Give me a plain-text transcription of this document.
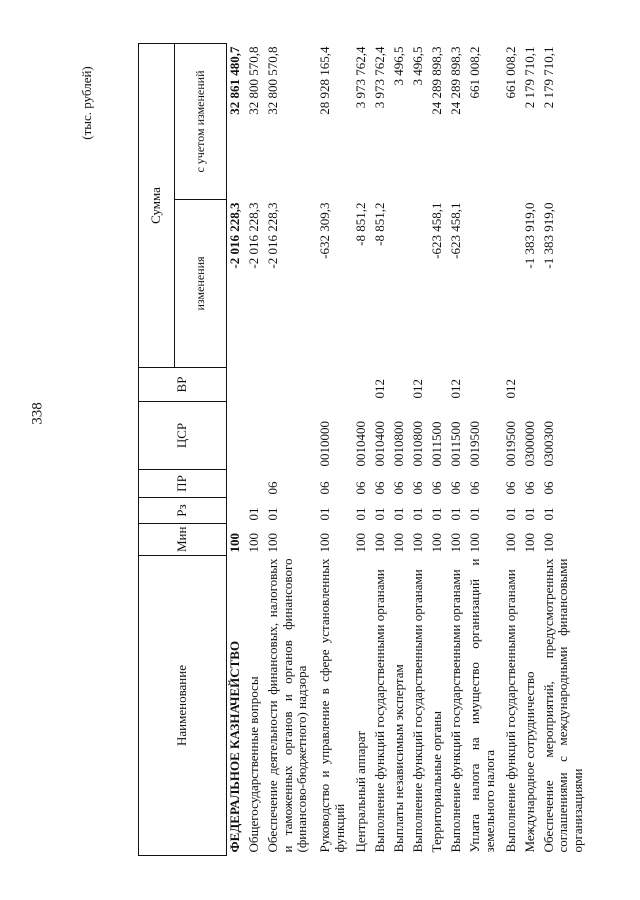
338
(тыс. рублей)
Наименование	Мин	Рз	ПР	ЦСР	ВР	Сумма	
						изменения	с учетом изменений
ФЕДЕРАЛЬНОЕ КАЗНАЧЕЙСТВО	100					-2 016 228,3	32 861 480,7
Общегосударственные вопросы	100	01				-2 016 228,3	32 800 570,8
Обеспечение деятельности финансовых, налоговых и таможенных органов и органов финансового (финансово-бюджетного) надзора	100	01	06			-2 016 228,3	32 800 570,8
Руководство и управление в сфере установленных функций	100	01	06	0010000		-632 309,3	28 928 165,4
Центральный аппарат	100	01	06	0010400		-8 851,2	3 973 762,4
Выполнение функций государственными органами	100	01	06	0010400	012	-8 851,2	3 973 762,4
Выплаты независимым экспертам	100	01	06	0010800			3 496,5
Выполнение функций государственными органами	100	01	06	0010800	012		3 496,5
Территориальные органы	100	01	06	0011500		-623 458,1	24 289 898,3
Выполнение функций государственными органами	100	01	06	0011500	012	-623 458,1	24 289 898,3
Уплата налога на имущество организаций и земельного налога	100	01	06	0019500			661 008,2
Выполнение функций государственными органами	100	01	06	0019500	012		661 008,2
Международное сотрудничество	100	01	06	0300000		-1 383 919,0	2 179 710,1
Обеспечение мероприятий, предусмотренных соглашениями с международными финансовыми организациями	100	01	06	0300300		-1 383 919,0	2 179 710,1
